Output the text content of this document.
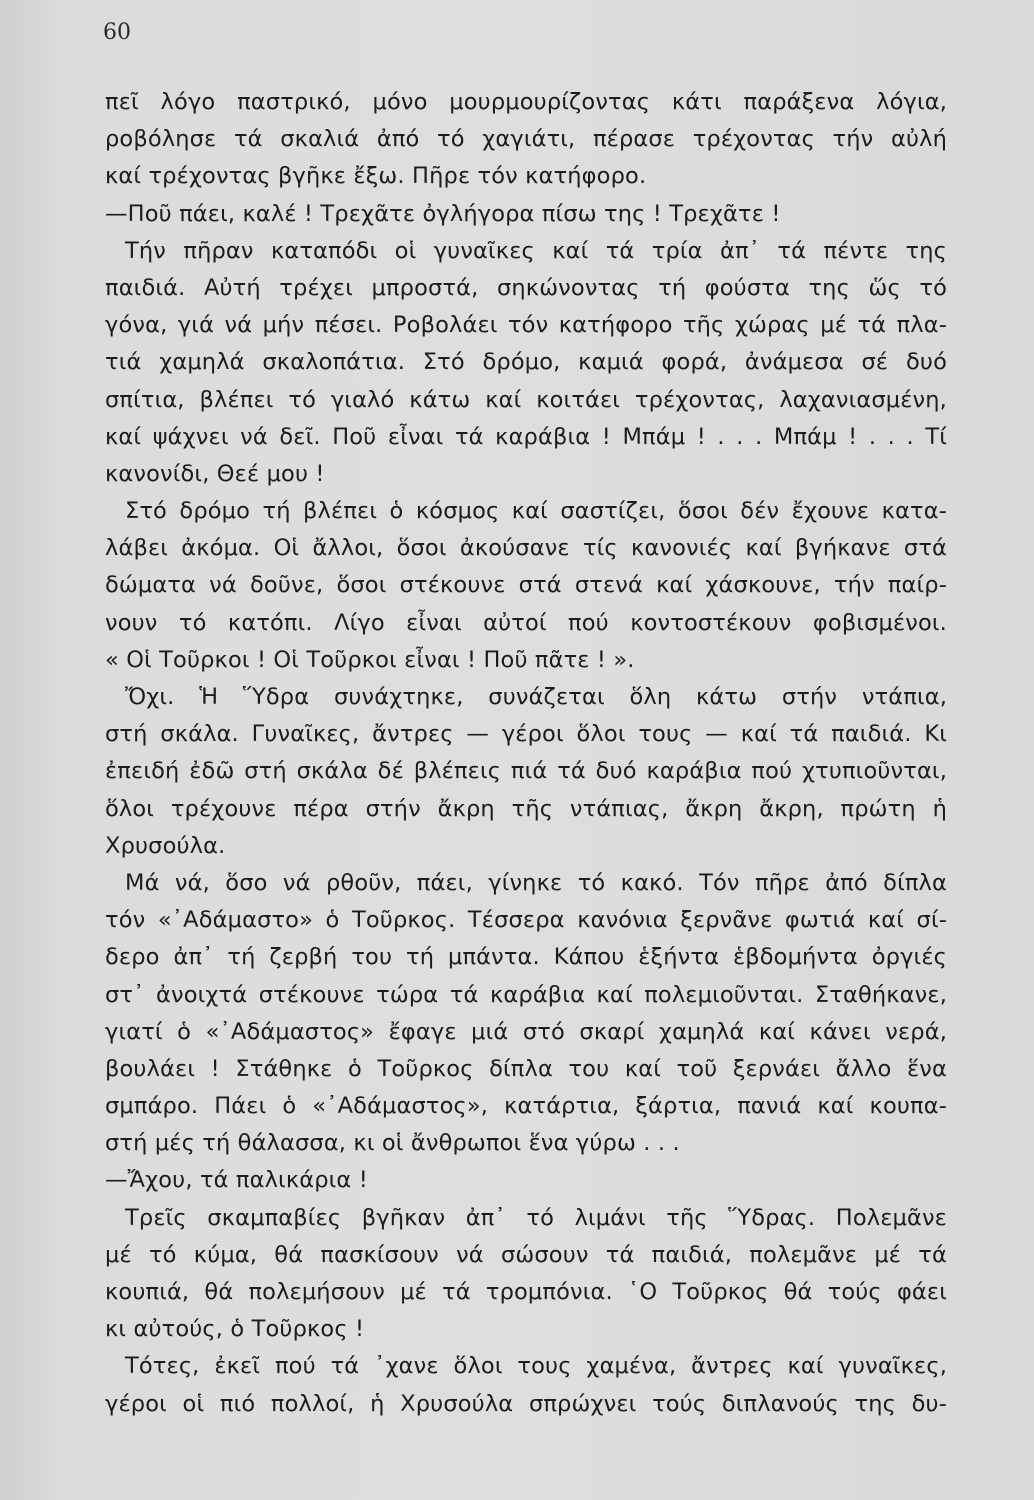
60
πεῖ λόγο παστρικό, μόνο μουρμουρίζοντας κάτι παράξενα λόγια,
ροβόλησε τά σκαλιά ἀπό τό χαγιάτι, πέρασε τρέχοντας τήν αὐλή
καί τρέχοντας βγῆκε ἔξω. Πῆρε τόν κατήφορο.
—Ποῦ πάει, καλέ ! Τρεχᾶτε ὀγλήγορα πίσω της ! Τρεχᾶτε !
Τήν πῆραν καταπόδι οἱ γυναῖκες καί τά τρία ἀπ᾿ τά πέντε της
παιδιά. Αὐτή τρέχει μπροστά, σηκώνοντας τή φούστα της ὥς τό
γόνα, γιά νά μήν πέσει. Ροβολάει τόν κατήφορο τῆς χώρας μέ τά πλα-
τιά χαμηλά σκαλοπάτια. Στό δρόμο, καμιά φορά, ἀνάμεσα σέ δυό
σπίτια, βλέπει τό γιαλό κάτω καί κοιτάει τρέχοντας, λαχανιασμένη,
καί ψάχνει νά δεῖ. Ποῦ εἶναι τά καράβια ! Μπάμ ! . . . Μπάμ ! . . . Τί
κανονίδι, Θεέ μου !
Στό δρόμο τή βλέπει ὁ κόσμος καί σαστίζει, ὅσοι δέν ἔχουνε κατα-
λάβει ἀκόμα. Οἱ ἄλλοι, ὅσοι ἀκούσανε τίς κανονιές καί βγήκανε στά
δώματα νά δοῦνε, ὅσοι στέκουνε στά στενά καί χάσκουνε, τήν παίρ-
νουν τό κατόπι. Λίγο εἶναι αὐτοί πού κοντοστέκουν φοβισμένοι.
« Οἱ Τοῦρκοι ! Οἱ Τοῦρκοι εἶναι ! Ποῦ πᾶτε ! ».
Ὄχι. Ἡ Ὕδρα συνάχτηκε, συνάζεται ὅλη κάτω στήν ντάπια,
στή σκάλα. Γυναῖκες, ἄντρες — γέροι ὅλοι τους — καί τά παιδιά. Κι
ἐπειδή ἐδῶ στή σκάλα δέ βλέπεις πιά τά δυό καράβια πού χτυπιοῦνται,
ὅλοι τρέχουνε πέρα στήν ἄκρη τῆς ντάπιας, ἄκρη ἄκρη, πρώτη ἡ
Χρυσούλα.
Μά νά, ὅσο νά ρθοῦν, πάει, γίνηκε τό κακό. Τόν πῆρε ἀπό δίπλα
τόν «᾿Αδάμαστο» ὁ Τοῦρκος. Τέσσερα κανόνια ξερνᾶνε φωτιά καί σί-
δερο ἀπ᾿ τή ζερβή του τή μπάντα. Κάπου ἑξήντα ἑβδομήντα ὀργιές
στ᾿ ἀνοιχτά στέκουνε τώρα τά καράβια καί πολεμιοῦνται. Σταθήκανε,
γιατί ὁ «᾿Αδάμαστος» ἔφαγε μιά στό σκαρί χαμηλά καί κάνει νερά,
βουλάει ! Στάθηκε ὁ Τοῦρκος δίπλα του καί τοῦ ξερνάει ἄλλο ἕνα
σμπάρο. Πάει ὁ «᾿Αδάμαστος», κατάρτια, ξάρτια, πανιά καί κουπα-
στή μές τή θάλασσα, κι οἱ ἄνθρωποι ἕνα γύρω . . .
—Ἄχου, τά παλικάρια !
Τρεῖς σκαμπαβίες βγῆκαν ἀπ᾿ τό λιμάνι τῆς Ὕδρας. Πολεμᾶνε
μέ τό κύμα, θά πασκίσουν νά σώσουν τά παιδιά, πολεμᾶνε μέ τά
κουπιά, θά πολεμήσουν μέ τά τρομπόνια. ῾Ο Τοῦρκος θά τούς φάει
κι αὐτούς, ὁ Τοῦρκος !
Τότες, ἐκεῖ πού τά ᾿χανε ὅλοι τους χαμένα, ἄντρες καί γυναῖκες,
γέροι οἱ πιό πολλοί, ἡ Χρυσούλα σπρώχνει τούς διπλανούς της δυ-
